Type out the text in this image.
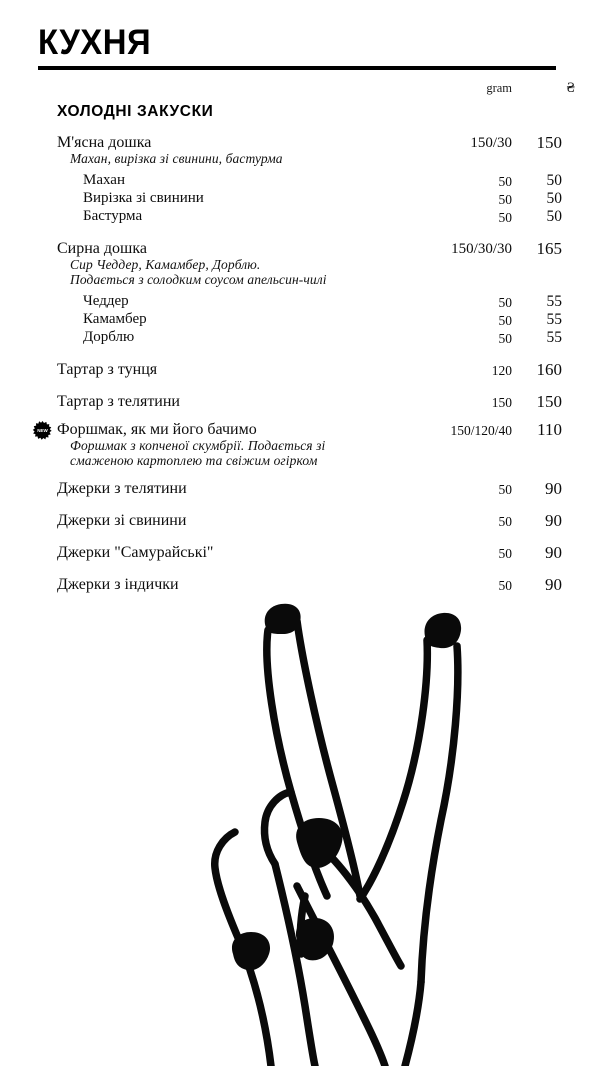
КУХНЯ
gram	₴
ХОЛОДНІ ЗАКУСКИ
М'ясна дошка	150/30	150
Махан, вирізка зі свинини, бастурма
Махан	50	50
Вирізка зі свинини	50	50
Бастурма	50	50
Сирна дошка	150/30/30	165
Сир Чеддер, Камамбер, Дорблю.
Подається з солодким соусом апельсин-чилі
Чеддер	50	55
Камамбер	50	55
Дорблю	50	55
Тартар з тунця	120	160
Тартар з телятини	150	150
NEW Форшмак, як ми його бачимо	150/120/40	110
Форшмак з копченої скумбрії. Подається зі
смаженою картоплею та свіжим огірком
Джерки з телятини	50	90
Джерки зі свинини	50	90
Джерки "Самурайські"	50	90
Джерки з індички	50	90
